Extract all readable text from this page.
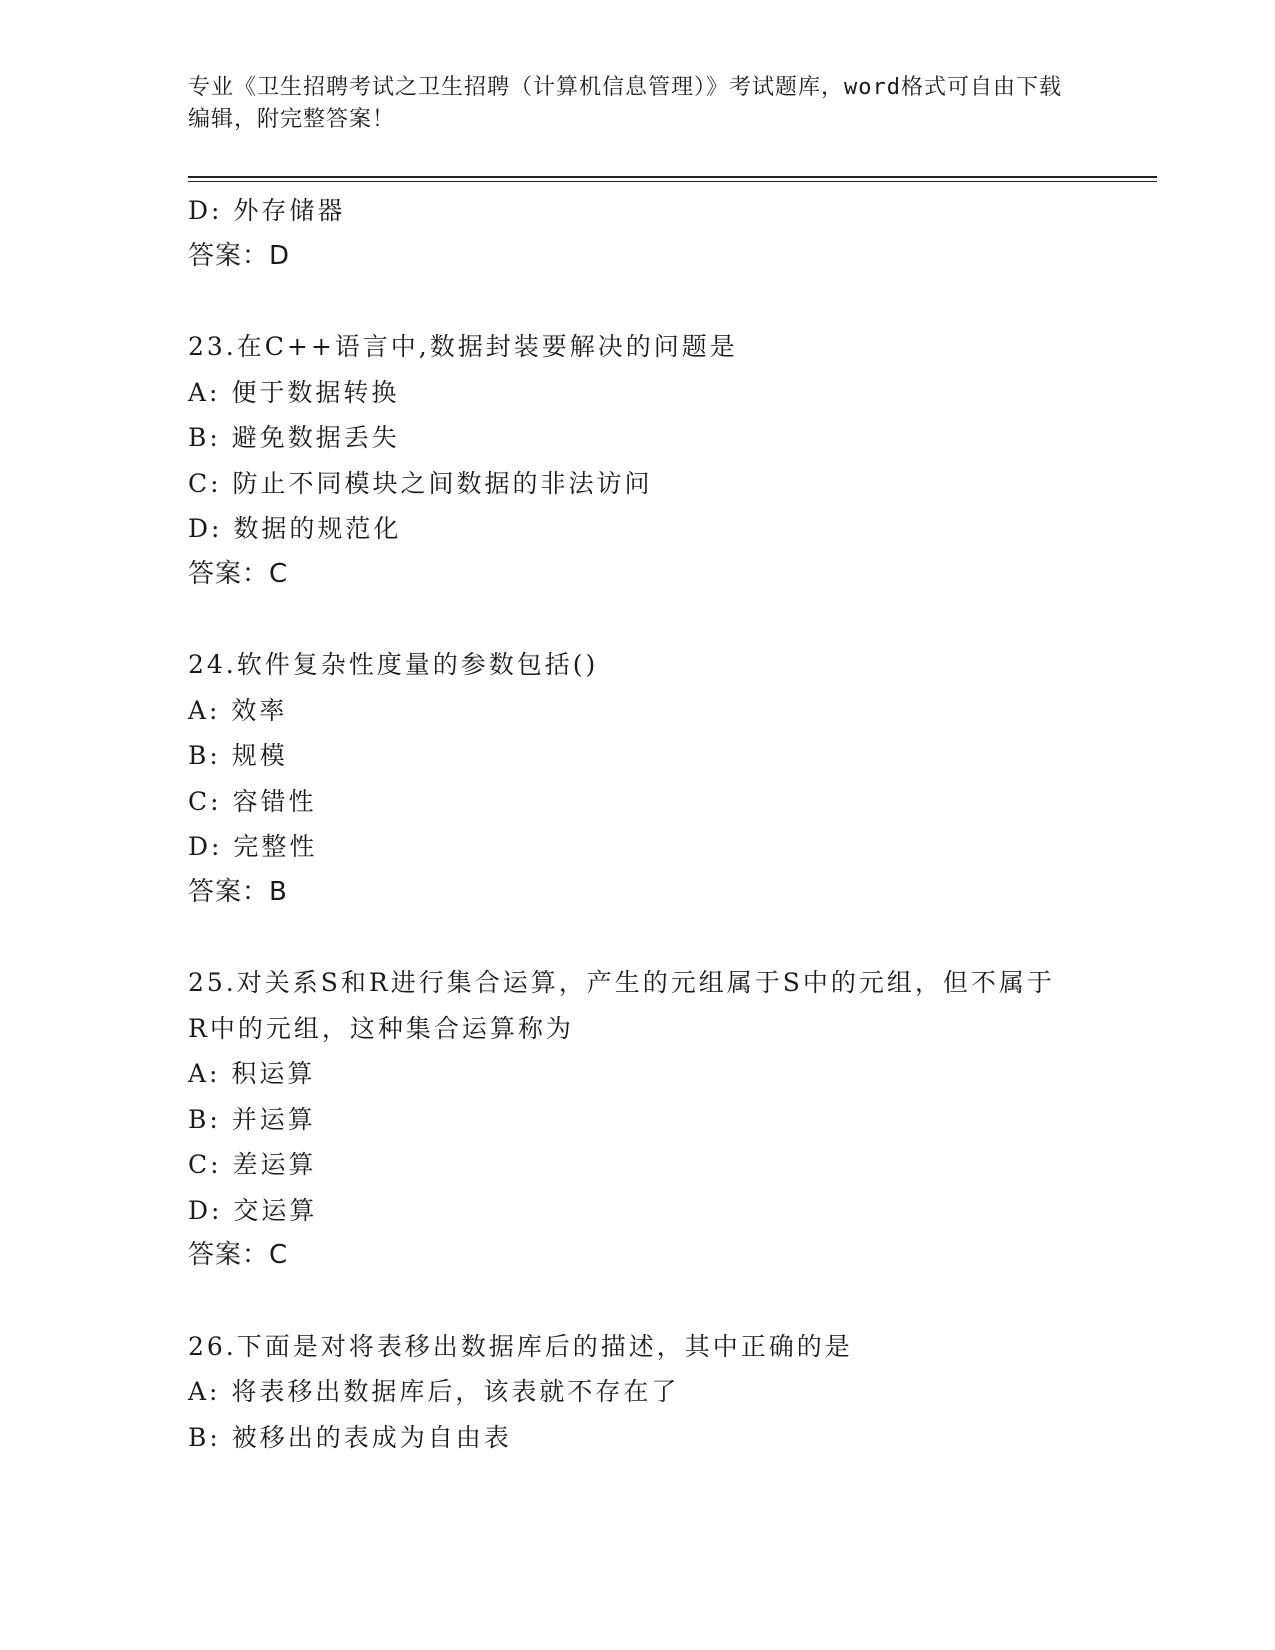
专业《卫生招聘考试之卫生招聘（计算机信息管理）》考试题库，word格式可自由下载编辑，附完整答案！
D: 外存储器
答案：D
23.在C++语言中,数据封装要解决的问题是
A: 便于数据转换
B: 避免数据丢失
C: 防止不同模块之间数据的非法访问
D: 数据的规范化
答案：C
24.软件复杂性度量的参数包括()
A: 效率
B: 规模
C: 容错性
D: 完整性
答案：B
25.对关系S和R进行集合运算，产生的元组属于S中的元组，但不属于R中的元组，这种集合运算称为
A: 积运算
B: 并运算
C: 差运算
D: 交运算
答案：C
26.下面是对将表移出数据库后的描述，其中正确的是
A: 将表移出数据库后，该表就不存在了
B: 被移出的表成为自由表
